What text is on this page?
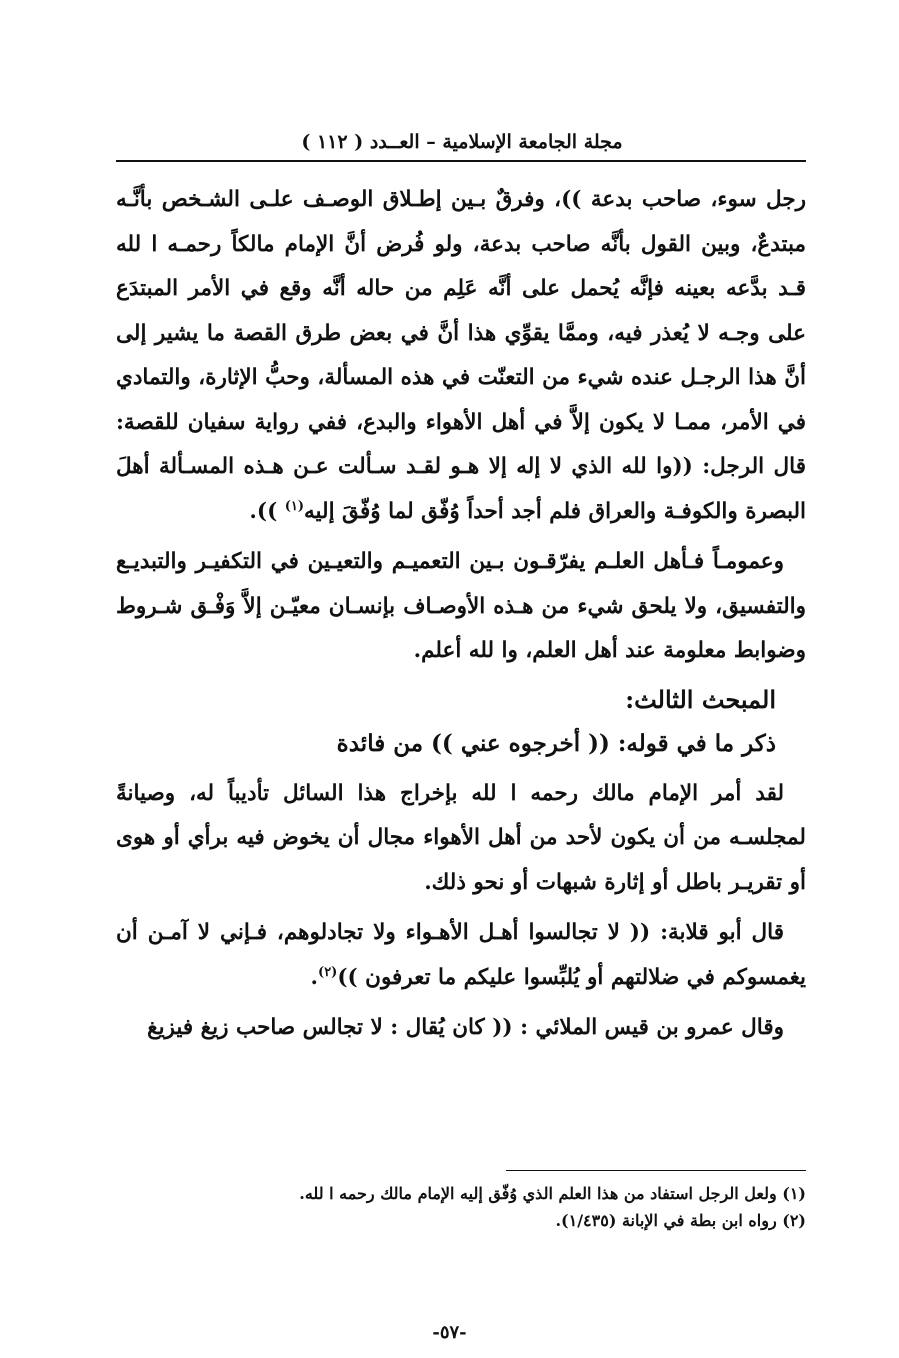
مجلة الجامعة الإسلامية – العــدد ( ١١٢ )

رجل سوء، صاحب بدعة ))، وفرقٌ بـين إطـلاق الوصـف علـى الشـخص بأنَّـه مبتدعٌ، وبين القول بأنَّه صاحب بدعة، ولو فُرض أنَّ الإمام مالكاً رحمـه ا لله قـد بدَّعه بعينه فإنَّه يُحمل على أنَّه عَلِم من حاله أنَّه وقع في الأمر المبتدَع على وجـه لا يُعذر فيه، وممَّا يقوِّي هذا أنَّ في بعض طرق القصة ما يشير إلى أنَّ هذا الرجـل عنده شيء من التعنّت في هذه المسألة، وحبُّ الإثارة، والتمادي في الأمر، ممـا لا يكون إلاَّ في أهل الأهواء والبدع، ففي رواية سفيان للقصة: قال الرجل: ((وا لله الذي لا إله إلا هـو لقـد سـألت عـن هـذه المسـألة أهلَ البصرة والكوفـة والعراق فلم أجد أحداً وُفّق لما وُفّقَ إليه$^{(١)}$ )).

وعمومـاً فـأهل العلـم يفرّقـون بـين التعميـم والتعيـين في التكفيـر والتبديـع والتفسيق، ولا يلحق شيء من هـذه الأوصـاف بإنسـان معيّـن إلاَّ وَفْـق شـروط وضوابط معلومة عند أهل العلم، وا لله أعلم.

المبحث الثالث:
ذكر ما في قوله: (( أخرجوه عني )) من فائدة

لقد أمر الإمام مالك رحمه ا لله بإخراج هذا السائل تأديباً له، وصيانةً لمجلسـه من أن يكون لأحد من أهل الأهواء مجال أن يخوض فيه برأي أو هوى أو تقريـر باطل أو إثارة شبهات أو نحو ذلك.

قال أبو قلابة: (( لا تجالسوا أهـل الأهـواء ولا تجادلوهم، فـإني لا آمـن أن يغمسوكم في ضلالتهم أو يُلبِّسوا عليكم ما تعرفون ))$^{(٢)}$.

وقال عمرو بن قيس الملائي : (( كان يُقال : لا تجالس صاحب زيغ فيزيغ

(١) ولعل الرجل استفاد من هذا العلم الذي وُفّق إليه الإمام مالك رحمه ا لله.
(٢) رواه ابن بطة في الإبانة (١/٤٣٥).
-٥٧-
